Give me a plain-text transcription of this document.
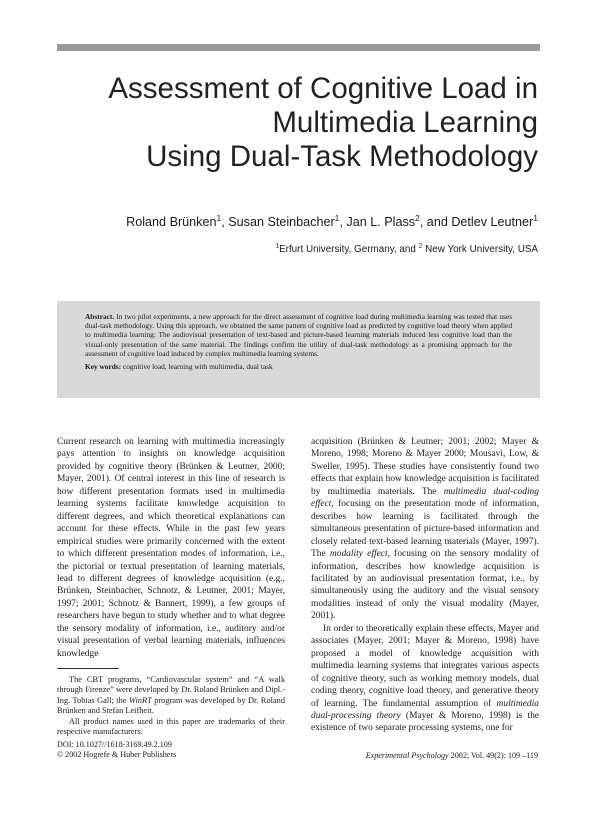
Assessment of Cognitive Load in
Multimedia Learning
Using Dual-Task Methodology
Roland Brünken$^1$, Susan Steinbacher$^1$, Jan L. Plass$^2$, and Detlev Leutner$^1$
$^1$Erfurt University, Germany, and $^2$ New York University, USA
Abstract. In two pilot experiments, a new approach for the direct assessment of cognitive load during multimedia learning was tested that uses dual-task methodology. Using this approach, we obtained the same pattern of cognitive load as predicted by cognitive load theory when applied to multimedia learning: The audiovisual presentation of text-based and picture-based learning materials induced less cognitive load than the visual-only presentation of the same material. The findings confirm the utility of dual-task methodology as a promising approach for the assessment of cognitive load induced by complex multimedia learning systems.
Key words: cognitive load, learning with multimedia, dual task

Current research on learning with multimedia increasingly pays attention to insights on knowledge acquisition provided by cognitive theory (Brünken & Leutner, 2000; Mayer, 2001). Of central interest in this line of research is how different presentation formats used in multimedia learning systems facilitate knowledge acquisition to different degrees, and which theoretical explanations can account for these effects. While in the past few years empirical studies were primarily concerned with the extent to which different presentation modes of information, i.e., the pictorial or textual presentation of learning materials, lead to different degrees of knowledge acquisition (e.g., Brünken, Steinbacher, Schnotz, & Leutner, 2001; Mayer, 1997; 2001; Schnotz & Bannert, 1999), a few groups of researchers have begun to study whether and to what degree the sensory modality of information, i.e., auditory and/or visual presentation of verbal learning materials, influences knowledge

acquisition (Brünken & Leutner; 2001; 2002; Mayer & Moreno, 1998; Moreno & Mayer 2000; Mousavi, Low, & Sweller, 1995). These studies have consistently found two effects that explain how knowledge acquisition is facilitated by multimedia materials. The multimedia dual-coding effect, focusing on the presentation mode of information, describes how learning is facilitated through the simultaneous presentation of picture-based information and closely related text-based learning materials (Mayer, 1997). The modality effect, focusing on the sensory modality of information, describes how knowledge acquisition is facilitated by an audiovisual presentation format, i.e., by simultaneously using the auditory and the visual sensory modalities instead of only the visual modality (Mayer, 2001).

In order to theoretically explain these effects, Mayer and associates (Mayer, 2001; Mayer & Moreno, 1998) have proposed a model of knowledge acquisition with multimedia learning systems that integrates various aspects of cognitive theory, such as working memory models, dual coding theory, cognitive load theory, and generative theory of learning. The fundamental assumption of multimedia dual-processing theory (Mayer & Moreno, 1998) is the existence of two separate processing systems, one for

The CBT programs, “Cardiovascular system” and “A walk through Firenze” were developed by Dr. Roland Brünken and Dipl.-Ing. Tobias Gall; the WinRT program was developed by Dr. Roland Brünken and Stefan Leifheit.

All product names used in this paper are trademarks of their respective manufacturers.

DOI: 10.1027//1618-3169.49.2.109
© 2002 Hogrefe & Huber Publishers	Experimental Psychology 2002; Vol. 49(2): 109 –119
